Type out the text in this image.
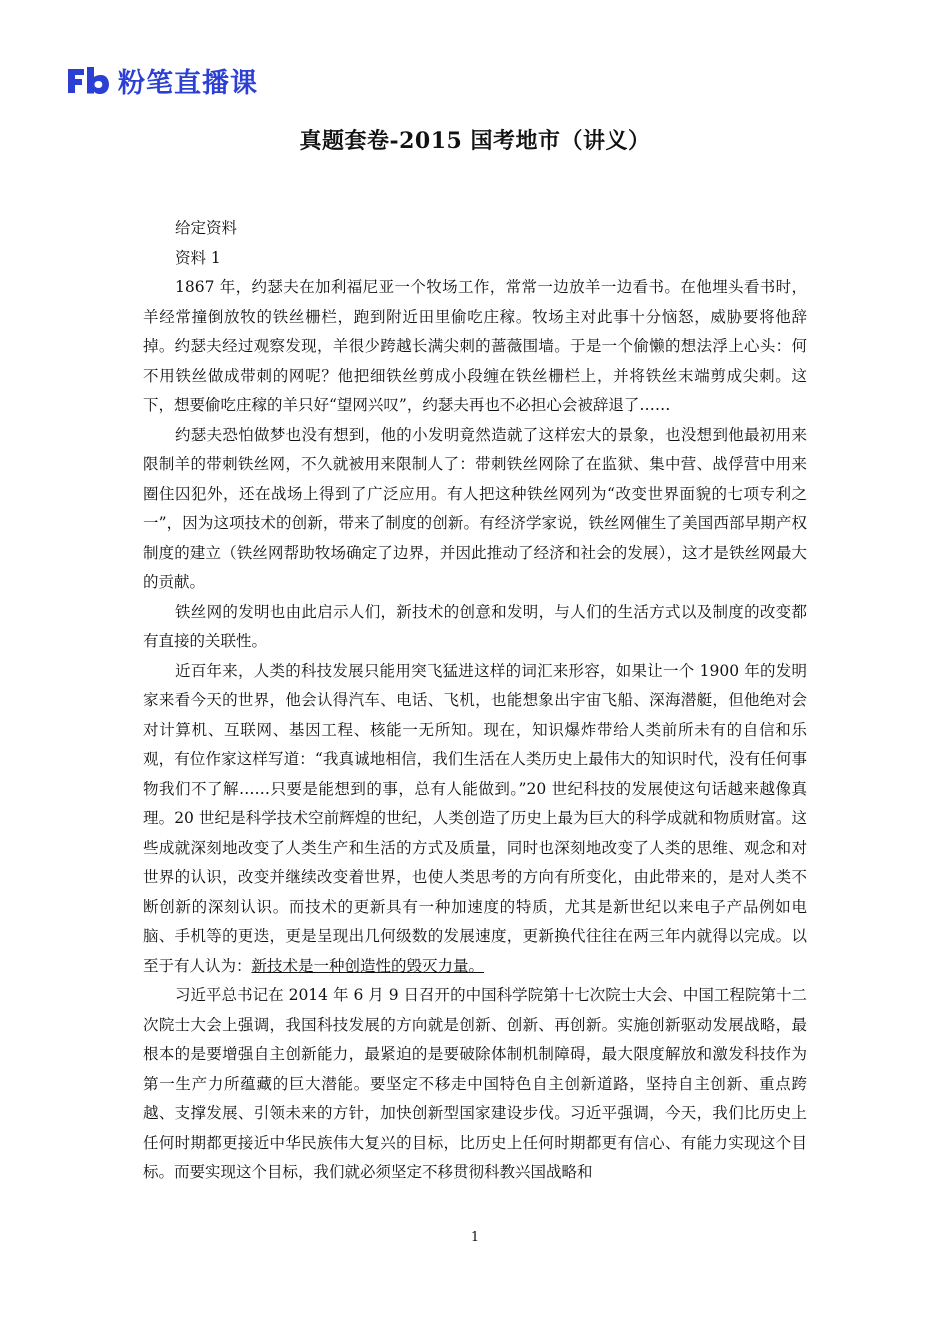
粉笔直播课
真题套卷-2015 国考地市（讲义）
给定资料
资料 1

1867 年，约瑟夫在加利福尼亚一个牧场工作，常常一边放羊一边看书。在他埋头看书时，羊经常撞倒放牧的铁丝栅栏，跑到附近田里偷吃庄稼。牧场主对此事十分恼怒，威胁要将他辞掉。约瑟夫经过观察发现，羊很少跨越长满尖刺的蔷薇围墙。于是一个偷懒的想法浮上心头：何不用铁丝做成带刺的网呢？他把细铁丝剪成小段缠在铁丝栅栏上，并将铁丝末端剪成尖刺。这下，想要偷吃庄稼的羊只好“望网兴叹”，约瑟夫再也不必担心会被辞退了……

约瑟夫恐怕做梦也没有想到，他的小发明竟然造就了这样宏大的景象，也没想到他最初用来限制羊的带刺铁丝网，不久就被用来限制人了：带刺铁丝网除了在监狱、集中营、战俘营中用来圈住囚犯外，还在战场上得到了广泛应用。有人把这种铁丝网列为“改变世界面貌的七项专利之一”，因为这项技术的创新，带来了制度的创新。有经济学家说，铁丝网催生了美国西部早期产权制度的建立（铁丝网帮助牧场确定了边界，并因此推动了经济和社会的发展），这才是铁丝网最大的贡献。

铁丝网的发明也由此启示人们，新技术的创意和发明，与人们的生活方式以及制度的改变都有直接的关联性。

近百年来，人类的科技发展只能用突飞猛进这样的词汇来形容，如果让一个 1900 年的发明家来看今天的世界，他会认得汽车、电话、飞机，也能想象出宇宙飞船、深海潜艇，但他绝对会对计算机、互联网、基因工程、核能一无所知。现在，知识爆炸带给人类前所未有的自信和乐观，有位作家这样写道：“我真诚地相信，我们生活在人类历史上最伟大的知识时代，没有任何事物我们不了解……只要是能想到的事，总有人能做到。”20 世纪科技的发展使这句话越来越像真理。20 世纪是科学技术空前辉煌的世纪，人类创造了历史上最为巨大的科学成就和物质财富。这些成就深刻地改变了人类生产和生活的方式及质量，同时也深刻地改变了人类的思维、观念和对世界的认识，改变并继续改变着世界，也使人类思考的方向有所变化，由此带来的，是对人类不断创新的深刻认识。而技术的更新具有一种加速度的特质，尤其是新世纪以来电子产品例如电脑、手机等的更迭，更是呈现出几何级数的发展速度，更新换代往往在两三年内就得以完成。以至于有人认为：新技术是一种创造性的毁灭力量。

习近平总书记在 2014 年 6 月 9 日召开的中国科学院第十七次院士大会、中国工程院第十二次院士大会上强调，我国科技发展的方向就是创新、创新、再创新。实施创新驱动发展战略，最根本的是要增强自主创新能力，最紧迫的是要破除体制机制障碍，最大限度解放和激发科技作为第一生产力所蕴藏的巨大潜能。要坚定不移走中国特色自主创新道路，坚持自主创新、重点跨越、支撑发展、引领未来的方针，加快创新型国家建设步伐。习近平强调，今天，我们比历史上任何时期都更接近中华民族伟大复兴的目标，比历史上任何时期都更有信心、有能力实现这个目标。而要实现这个目标，我们就必须坚定不移贯彻科教兴国战略和

1
